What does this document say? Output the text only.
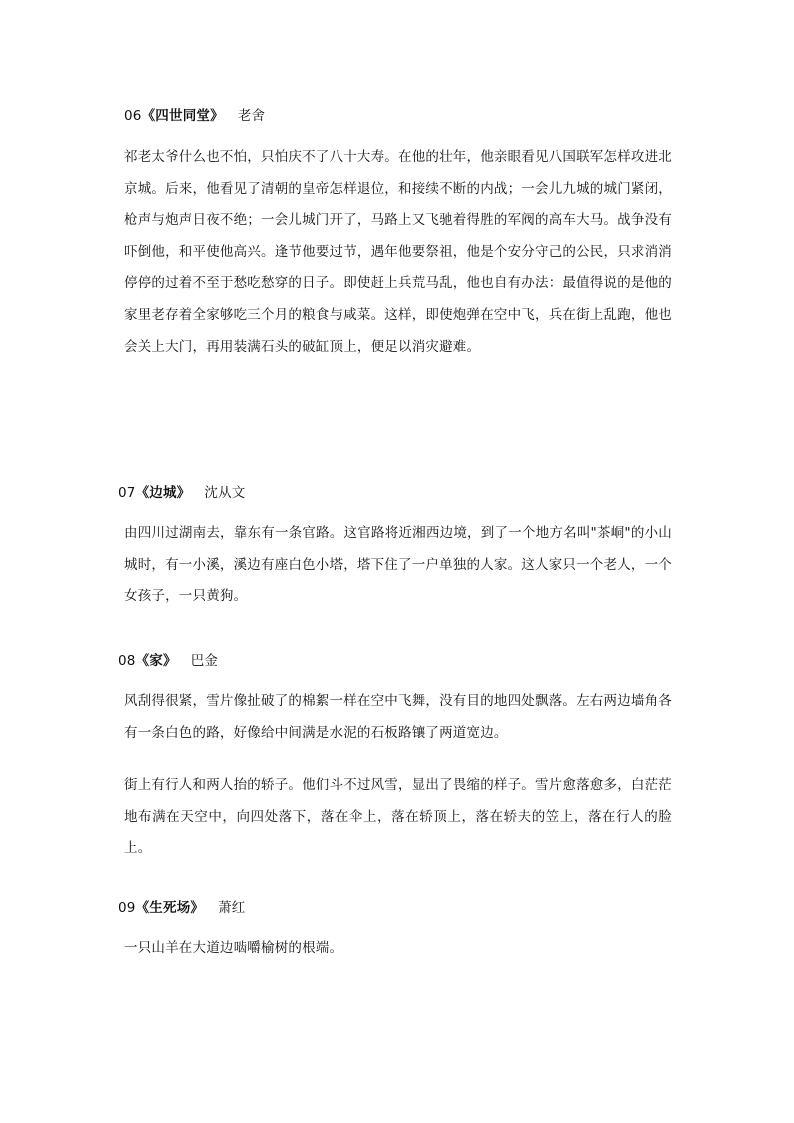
06《四世同堂》 老舍

祁老太爷什么也不怕，只怕庆不了八十大寿。在他的壮年，他亲眼看见八国联军怎样攻进北京城。后来，他看见了清朝的皇帝怎样退位，和接续不断的内战；一会儿九城的城门紧闭，枪声与炮声日夜不绝；一会儿城门开了，马路上又飞驰着得胜的军阀的高车大马。战争没有吓倒他，和平使他高兴。逢节他要过节，遇年他要祭祖，他是个安分守己的公民，只求消消停停的过着不至于愁吃愁穿的日子。即使赶上兵荒马乱，他也自有办法：最值得说的是他的家里老存着全家够吃三个月的粮食与咸菜。这样，即使炮弹在空中飞，兵在街上乱跑，他也会关上大门，再用装满石头的破缸顶上，便足以消灾避难。

07《边城》 沈从文

由四川过湖南去，靠东有一条官路。这官路将近湘西边境，到了一个地方名叫"茶峒"的小山城时，有一小溪，溪边有座白色小塔，塔下住了一户单独的人家。这人家只一个老人，一个女孩子，一只黄狗。

08《家》 巴金

风刮得很紧，雪片像扯破了的棉絮一样在空中飞舞，没有目的地四处飘落。左右两边墙角各有一条白色的路，好像给中间满是水泥的石板路镶了两道宽边。

街上有行人和两人抬的轿子。他们斗不过风雪，显出了畏缩的样子。雪片愈落愈多，白茫茫地布满在天空中，向四处落下，落在伞上，落在轿顶上，落在轿夫的笠上，落在行人的脸上。

09《生死场》 萧红

一只山羊在大道边啮嚼榆树的根端。
